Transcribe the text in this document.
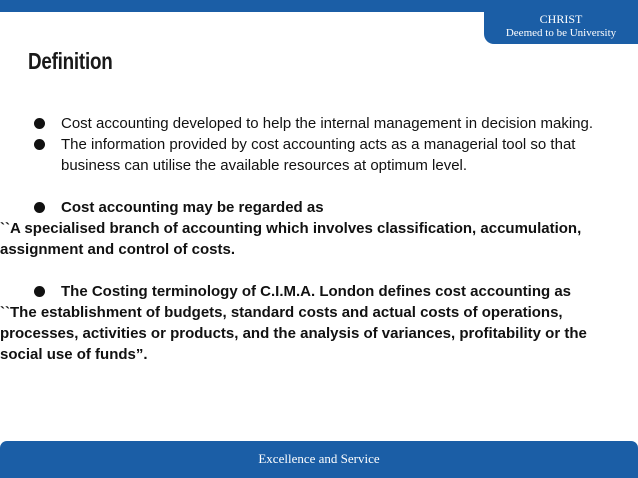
CHRIST
Deemed to be University
Definition
Cost accounting developed to help the internal management in decision making.
The information provided by cost accounting acts as a managerial tool so that business can utilise the available resources at optimum level.
Cost accounting may be regarded as
``A specialised branch of accounting which involves classification, accumulation, assignment and control of costs.
The Costing terminology of C.I.M.A. London defines cost accounting as
``The establishment of budgets, standard costs and actual costs of operations, processes, activities or products, and the analysis of variances, profitability or the social use of funds”.
Excellence and Service
